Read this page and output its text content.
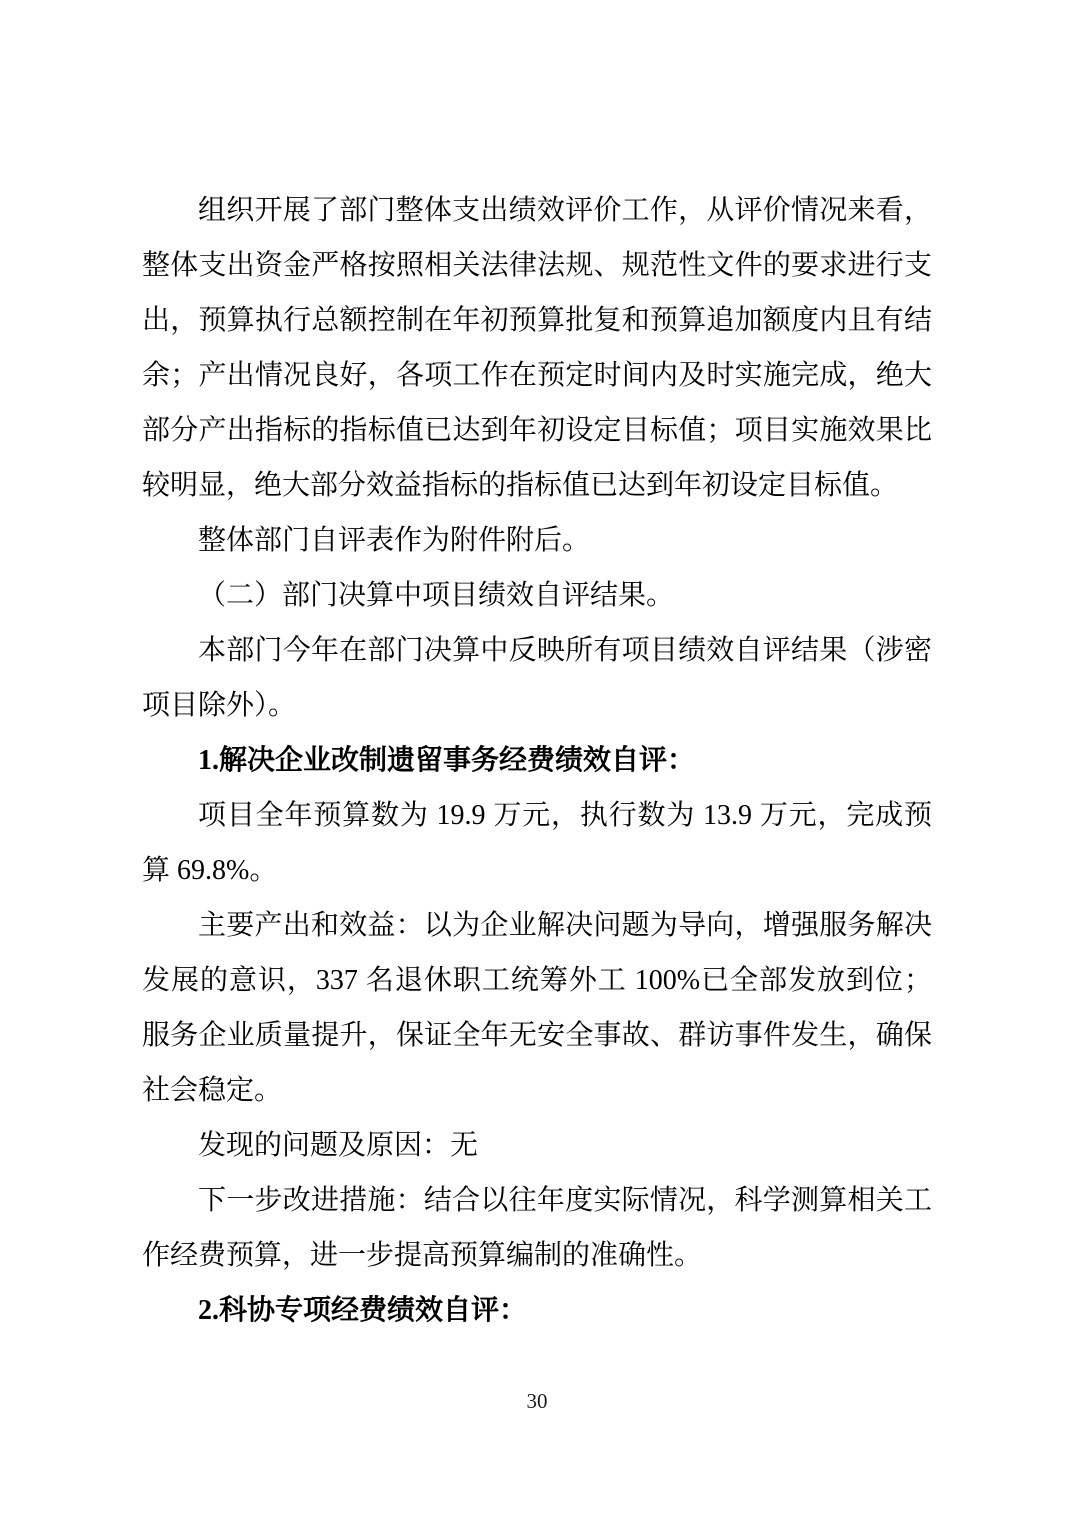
组织开展了部门整体支出绩效评价工作，从评价情况来看，整体支出资金严格按照相关法律法规、规范性文件的要求进行支出，预算执行总额控制在年初预算批复和预算追加额度内且有结余；产出情况良好，各项工作在预定时间内及时实施完成，绝大部分产出指标的指标值已达到年初设定目标值；项目实施效果比较明显，绝大部分效益指标的指标值已达到年初设定目标值。

整体部门自评表作为附件附后。

（二）部门决算中项目绩效自评结果。

本部门今年在部门决算中反映所有项目绩效自评结果（涉密项目除外）。

1.解决企业改制遗留事务经费绩效自评：

项目全年预算数为 19.9 万元，执行数为 13.9 万元，完成预算 69.8%。

主要产出和效益：以为企业解决问题为导向，增强服务解决发展的意识，337 名退休职工统筹外工 100%已全部发放到位；服务企业质量提升，保证全年无安全事故、群访事件发生，确保社会稳定。

发现的问题及原因：无

下一步改进措施：结合以往年度实际情况，科学测算相关工作经费预算，进一步提高预算编制的准确性。

2.科协专项经费绩效自评：

30
